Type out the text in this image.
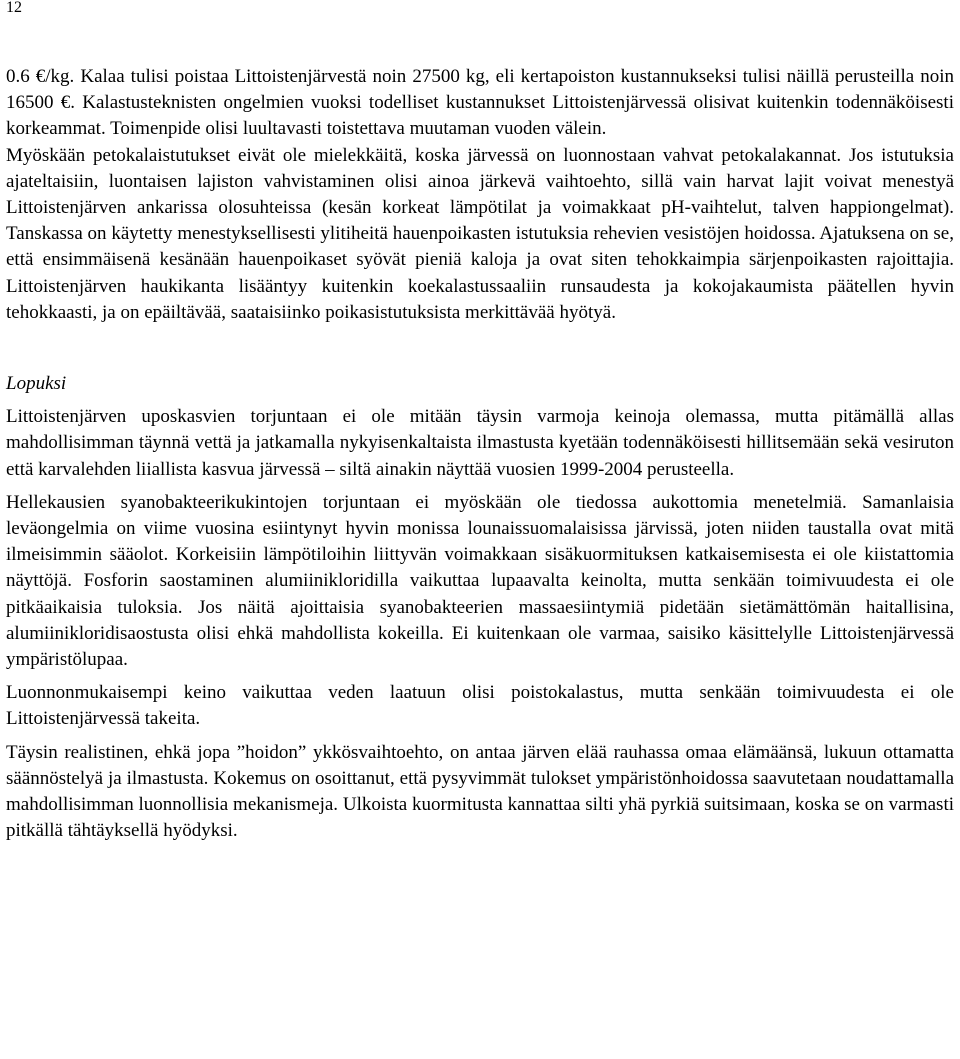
12

0.6 €/kg. Kalaa tulisi poistaa Littoistenjärvestä noin 27500 kg, eli kertapoiston kustannukseksi tulisi näillä perusteilla noin 16500 €. Kalastusteknisten ongelmien vuoksi todelliset kustannukset Littoistenjärvessä olisivat kuitenkin todennäköisesti korkeammat. Toimenpide olisi luultavasti toistettava muutaman vuoden välein.

Myöskään petokalaistutukset eivät ole mielekkäitä, koska järvessä on luonnostaan vahvat petokalakannat. Jos istutuksia ajateltaisiin, luontaisen lajiston vahvistaminen olisi ainoa järkevä vaihtoehto, sillä vain harvat lajit voivat menestyä Littoistenjärven ankarissa olosuhteissa (kesän korkeat lämpötilat ja voimakkaat pH-vaihtelut, talven happiongelmat). Tanskassa on käytetty menestyksellisesti ylitiheitä hauenpoikasten istutuksia rehevien vesistöjen hoidossa. Ajatuksena on se, että ensimmäisenä kesänään hauenpoikaset syövät pieniä kaloja ja ovat siten tehokkaimpia särjenpoikasten rajoittajia. Littoistenjärven haukikanta lisääntyy kuitenkin koekalastussaaliin runsaudesta ja kokojakaumista päätellen hyvin tehokkaasti, ja on epäiltävää, saataisiinko poikasistutuksista merkittävää hyötyä.

Lopuksi

Littoistenjärven uposkasvien torjuntaan ei ole mitään täysin varmoja keinoja olemassa, mutta pitämällä allas mahdollisimman täynnä vettä ja jatkamalla nykyisenkaltaista ilmastusta kyetään todennäköisesti hillitsemään sekä vesiruton että karvalehden liiallista kasvua järvessä – siltä ainakin näyttää vuosien 1999-2004 perusteella.

Hellekausien syanobakteerikukintojen torjuntaan ei myöskään ole tiedossa aukottomia menetelmiä. Samanlaisia leväongelmia on viime vuosina esiintynyt hyvin monissa lounaissuomalaisissa järvissä, joten niiden taustalla ovat mitä ilmeisimmin sääolot. Korkeisiin lämpötiloihin liittyvän voimakkaan sisäkuormituksen katkaisemisesta ei ole kiistattomia näyttöjä. Fosforin saostaminen alumiinikloridilla vaikuttaa lupaavalta keinolta, mutta senkään toimivuudesta ei ole pitkäaikaisia tuloksia. Jos näitä ajoittaisia syanobakteerien massaesiintymiä pidetään sietämättömän haitallisina, alumiinikloridisaostusta olisi ehkä mahdollista kokeilla. Ei kuitenkaan ole varmaa, saisiko käsittelylle Littoistenjärvessä ympäristölupaa.

Luonnonmukaisempi keino vaikuttaa veden laatuun olisi poistokalastus, mutta senkään toimivuudesta ei ole Littoistenjärvessä takeita.

Täysin realistinen, ehkä jopa ”hoidon” ykkösvaihtoehto, on antaa järven elää rauhassa omaa elämäänsä, lukuun ottamatta säännöstelyä ja ilmastusta. Kokemus on osoittanut, että pysyvimmät tulokset ympäristönhoidossa saavutetaan noudattamalla mahdollisimman luonnollisia mekanismeja. Ulkoista kuormitusta kannattaa silti yhä pyrkiä suitsimaan, koska se on varmasti pitkällä tähtäyksellä hyödyksi.
